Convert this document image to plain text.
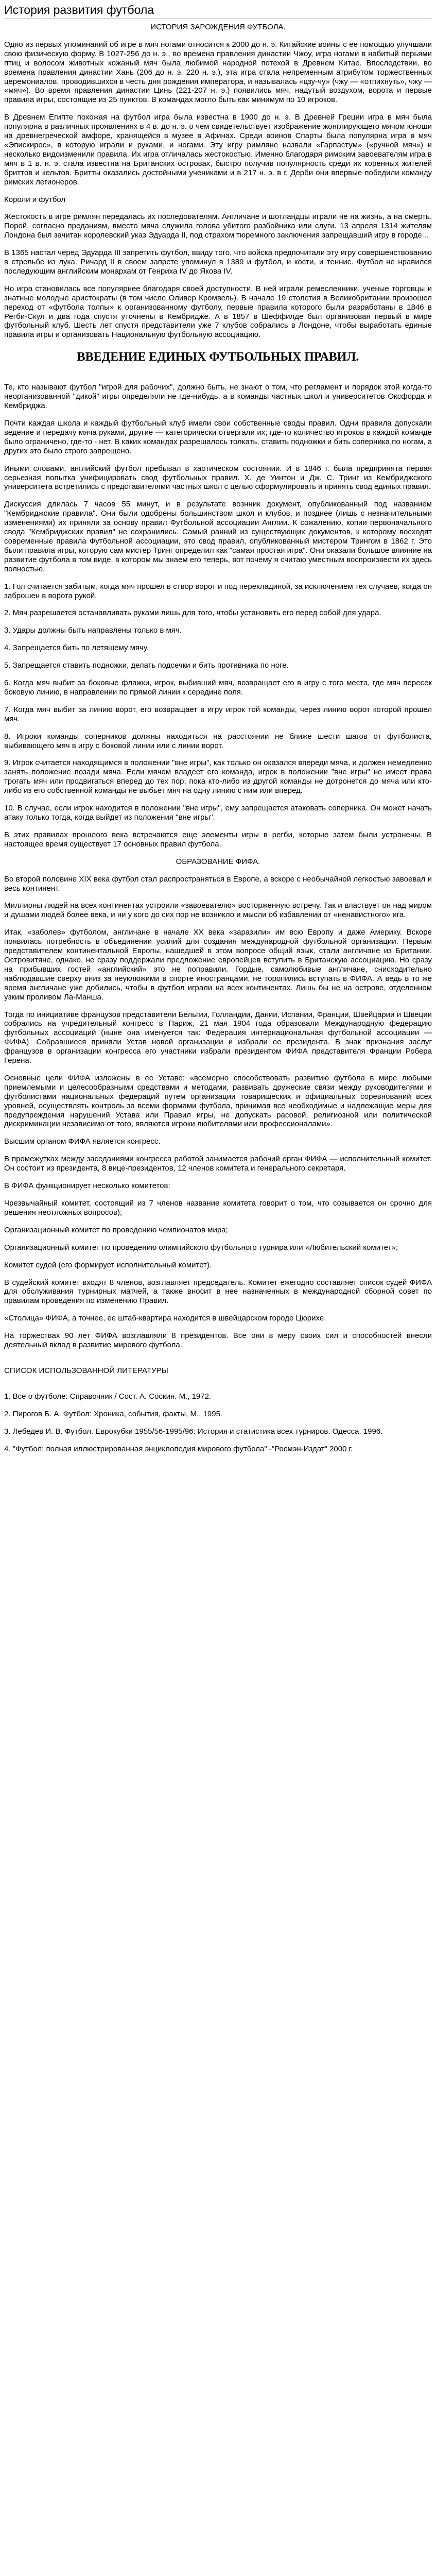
История развития футбола

ИСТОРИЯ ЗАРОЖДЕНИЯ ФУТБОЛА.

Одно из первых упоминаний об игре в мяч ногами относится к 2000 до н. э. Китайские воины с ее помощью улучшали свою физическую форму. В 1027-256 до н. э., во времена правления династии Чжоу, игра ногами в набитый перьями птиц и волосом животных кожаный мяч была любимой народной потехой в Древнем Китае. Впоследствии, во времена правления династии Хань (206 до н. э. 220 н. э.), эта игра стала непременным атрибутом торжественных церемониалов, проводившихся в честь дня рождения императора, и называлась «цзу-чу» (чжу — «отпихнуть», чжу — «мяч»). Во время правления династии Цинь (221-207 н. э.) появились мяч, надутый воздухом, ворота и первые правила игры, состоящие из 25 пунктов. В командах могло быть как минимум по 10 игроков.

В Древнем Египте похожая на футбол игра была известна в 1900 до н. э. В Древней Греции игра в мяч была популярна в различных проявлениях в 4 в. до н. э. о чем свидетельствует изображение жонглирующего мячом юноши на древнегреческой амфоре, хранящейся в музее в Афинах. Среди воинов Спарты была популярна игра в мяч «Эпискирос», в которую играли и руками, и ногами. Эту игру римляне назвали «Гарпастум» («ручной мяч») и несколько видоизменили правила. Их игра отличалась жестокостью. Именно благодаря римским завоевателям игра в мяч в 1 в. н. э. стала известна на Британских островах, быстро получив популярность среди их коренных жителей бриттов и кельтов. Бритты оказались достойными учениками и в 217 н. э. в г. Дерби они впервые победили команду римских легионеров.

Короли и футбол

Жестокость в игре римлян передалась их последователям. Англичане и шотландцы играли не на жизнь, а на смерть. Порой, согласно преданиям, вместо мяча служила голова убитого разбойника или слуги. 13 апреля 1314 жителям Лондона был зачитан королевский указ Эдуарда II, под страхом тюремного заключения запрещавший игру в городе...

В 1365 настал черед Эдуарда III запретить футбол, ввиду того, что войска предпочитали эту игру совершенствованию в стрельбе из лука. Ричард II в своем запрете упоминул в 1389 и футбол, и кости, и теннис. Футбол не нравился последующим английским монархам от Генриха IV до Якова IV.

Но игра становилась все популярнее благодаря своей доступности. В ней играли ремесленники, ученые торговцы и знатные молодые аристократы (в том числе Оливер Кромвель). В начале 19 столетия в Великобритании произошел переход от «футбола толпы» к организованному футболу, первые правила которого были разработаны в 1846 в Регби-Скул и два года спустя уточнены в Кембридже. А в 1857 в Шеффилде был организован первый в мире футбольный клуб. Шесть лет спустя представители уже 7 клубов собрались в Лондоне, чтобы выработать единые правила игры и организовать Национальную футбольную ассоциацию.

ВВЕДЕНИЕ ЕДИНЫХ ФУТБОЛЬНЫХ ПРАВИЛ.

Те, кто называют футбол "игрой для рабочих", должно быть, не знают о том, что регламент и порядок этой когда-то неорганизованной "дикой" игры определяли не где-нибудь, а в команды частных школ и университетов Оксфорда и Кембриджа.

Почти каждая школа и каждый футбольный клуб имели свои собственные своды правил. Одни правила допускали ведение и передачу мяча руками, другие — категорически отвергали их; где-то количество игроков в каждой команде было ограничено, где-то - нет. В каких командах разрешалось толкать, ставить подножки и бить соперника по ногам, а других это было строго запрещено.

Иными словами, английский футбол пребывал в хаотическом состоянии. И в 1846 г. была предпринята первая серьезная попытка унифицировать свод футбольных правил. Х. де Уинтон и Дж. С. Тринг из Кембриджского университета встретились с представителями частных школ с целью сформулировать и принять свод единых правил.

Дискуссия длилась 7 часов 55 минут, и в результате вознник документ, опубликованный под названием "Кембриджские правила". Они были одобрены большинством школ и клубов, и позднее (лишь с незначительными изменениями) их приняли за основу правил Футбольной ассоциации Англии. К сожалению, копии первоначального свода "Кембриджских правил" не сохранились. Самый ранний из существующих документов, к которому восходят современные правила Футбольной ассоциации, это свод правил, опубликованный мистером Трингом в 1862 г. Это были правила игры, которую сам мистер Тринг определил как "самая простая игра". Они оказали большое влияние на развитие футбола в том виде, в котором мы знаем его теперь, вот почему я считаю уместным воспроизвести их здесь полностью.

1. Гол считается забитым, когда мяч прошел в створ ворот и под перекладиной, за исключением тех случаев, когда он заброшен в ворота рукой.

2. Мяч разрешается останавливать руками лишь для того, чтобы установить его перед собой для удара.

3. Удары должны быть направлены только в мяч.

4. Запрещается бить по летящему мячу.

5. Запрещается ставить подножки, делать подсечки и бить противника по ноге.

6. Когда мяч выбит за боковые флажки, игрок, выбивший мяч, возвращает его в игру с того места, где мяч пересек боковую линию, в направлении по прямой линии к середине поля.

7. Когда мяч выбит за линию ворот, его возвращает в игру игрок той команды, через линию ворот которой прошел мяч.

8. Игроки команды соперников должны находиться на расстоянии не ближе шести шагов от футболиста, выбивающего мяч в игру с боковой линии или с линии ворот.

9. Игрок считается находящимся в положении "вне игры", как только он оказался впереди мяча, и должен немедленно занять положение позади мяча. Если мячом владеет его команда, игрок в положении "вне игры" не имеет права трогать мяч или продвигаться вперед до тех пор, пока кто-либо из другой команды не дотронется до мяча или кто-либо из его собственной команды не выбьет мяч на одну линию с ним или вперед.

10. В случае, если игрок находится в положении "вне игры", ему запрещается атаковать соперника. Он может начать атаку только тогда, когда выйдет из положения "вне игры".

В этих правилах прошлого века встречаются еще элементы игры в регби, которые затем были устранены. В настоящее время существует 17 основных правил футбола.

ОБРАЗОВАНИЕ ФИФА.

Во второй половине XIX века футбол стал распространяться в Европе, а вскоре с необычайной легкостью завоевал и весь континент.

Миллионы людей на всех континентах устроили «завоевателю» восторженную встречу. Так и властвует он над миром и душами людей более века, и ни у кого до сих пор не возникло и мысли об избавлении от «ненавистного» ига.

Итак, «заболев» футболом, англичане в начале XX века «заразили» им всю Европу и даже Америку. Вскоре появилась потребность в объединении усилий для создания международной футбольной организации. Первым представителем континентальной Европы, нашедшей в этом вопросе общий язык, стали англичане из Британии. Островитяне, однако, не сразу поддержали предложение европейцев вступить в Британскую ассоциацию. Но сразу на прибывших гостей «английский» это не поправили. Гордые, самолюбивые англичане, снисходительно наблюдавшие сверху вниз за неуклюжими в спорте иностранцами, не торопились вступать в ФИФА. А ведь в то же время англичане уже добились, чтобы в футбол играли на всех континентах. Лишь бы не на острове, отделенном узким проливом Ла-Манша.

Тогда по инициативе французов представители Бельгии, Голландии, Дании, Испании, Франции, Швейцарии и Швеции собрались на учредительный конгресс в Париж, 21 мая 1904 года образовали Международную федерацию футбольных ассоциаций (ныне она именуется так: Федерация интернациональная футбольной ассоциации — ФИФА). Собравшиеся приняли Устав новой организации и избрали ее президента. В знак признания заслуг французов в организации конгресса его участники избрали президентом ФИФА представителя Франции Робера Герена.

Основные цели ФИФА изложены в ее Уставе: «всемерно способствовать развитию футбола в мире любыми приемлемыми и целесообразными средствами и методами, развивать дружеские связи между руководителями и футболистами национальных федераций путем организации товарищеских и официальных соревнований всех уровней, осуществлять контроль за всеми формами футбола, принимая все необходимые и надлежащие меры для предупреждения нарушений Устава или Правил игры, не допускать расовой, религиозной или политической дискриминации независимо от того, являются игроки любителями или профессионалами».

Высшим органом ФИФА является конгресс.

В промежутках между заседаниями конгресса работой занимается рабочий орган ФИФА — исполнительный комитет. Он состоит из президента, 8 вице-президентов, 12 членов комитета и генерального секретаря.

В ФИФА функционирует несколько комитетов:

Чрезвычайный комитет, состоящий из 7 членов название комитета говорит о том, что созывается он срочно для решения неотложных вопросов);

Организационный комитет по проведению чемпионатов мира;

Организационный комитет по проведению олимпийского футбольного турнира или «Любительский комитет»;

Комитет судей (его формирует исполнительный комитет).

В судейский комитет входят 8 членов, возглавляет председатель. Комитет ежегодно составляет список судей ФИФА для обслуживания турнирных матчей, а также вносит в нее назначенных в международной сборной совет по правилам проведения по изменению Правил.

«Столица» ФИФА, а точнее, ее штаб-квартира находится в швейцарском городе Цюрихе.

На торжествах 90 лет ФИФА возглавляли 8 президентов. Все они в меру своих сил и способностей внесли деятельный вклад в развитие мирового футбола.

СПИСОК ИСПОЛЬЗОВАННОЙ ЛИТЕРАТУРЫ

1. Все о футболе: Справочник / Сост. А. Соскин. М., 1972.

2. Пирогов Б. А. Футбол: Хроника, события, факты, М., 1995.

3. Лебедев И. В. Футбол. Еврокубки 1955/56-1995/96: История и статистика всех турниров. Одесса, 1996.

4. "Футбол: полная иллюстрированная энциклопедия мирового футбола" -"Росмэн-Издат" 2000 г.
